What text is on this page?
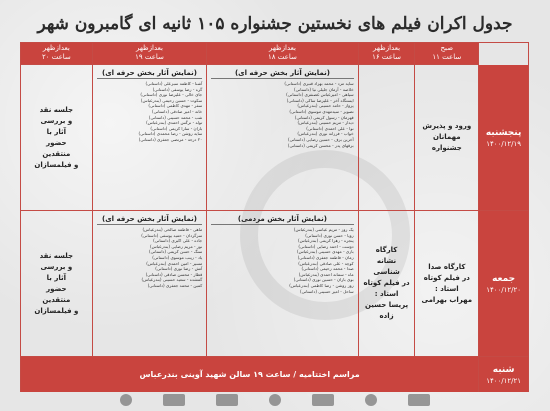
جدول اکران فیلم های نخستین جشنواره ۱۰۵ ثانیه ای گامبرون شهر
صبح
ساعت ۱۱
بعدازظهر
ساعت ۱۶
بعدازظهر
ساعت ۱۸
بعدازظهر
ساعت ۱۹
بعدازظهر
ساعت ۲۰
پنجشنبه
۱۴۰۰/۱۲/۱۹
ورود و پذیرش مهمانان جشنواره
(نمایش آثار بخش حرفه ای)
سایه مرد - محمد بهزاد قنبری (داستانی)
خلاصه - آرمان جلیلی نیا (داستانی)
سیاهی - امیرعباس غضنفری (داستانی)
ایستگاه آخر - علیرضا ساکی (داستانی)
پرواز - حامد حسینی (بندرعباس)
تصویر - سیدمهدی موسوی (داستانی)
قهرمان - رسول کریمی (داستانی)
دیدار - مریم حسینی (بندرعباس)
نوا - علی احمدی (داستانی)
خواب - فرزانه نوری (بندرعباس)
آخرین برف - حسین رضایی (داستانی)
برقهای پدر - محسن کریمی (داستانی)
(نمایش آثار بخش حرفه ای)
آشنا - کاظمه سبزعلی (داستانی)
گره - رضا یوسفی (داستانی)
جای خالی - علیرضا نوری (داستانی)
سکوت - حسین رحیمی (بندرعباس)
سفر - مهدی کاظمی (داستانی)
خانه - امیر صادقی (داستانی)
شب - محمد حسینی (داستانی)
تولد - نرگس احمدی (بندرعباس)
باران - سارا کریمی (داستانی)
سایه روشن - رضا محمدی (داستانی)
۲۰ درجه - مرتضی جعفری (داستانی)
جلسه نقد
و بررسی
آثار با
حضور
منتقدین
و فیلمسازان
جمعه
۱۴۰۰/۱۲/۲۰
کارگاه صدا
در فیلم کوتاه
استاد :
مهراب بهرامی
کارگاه
نشانه شناسی
در فیلم کوتاه
استاد :
پریسا حسین زاده
(نمایش آثار بخش مردمی)
یک روز - مریم عباسی (بندرعباس)
رویا - حسن نوری (داستانی)
پنجره - زهرا کریمی (بندرعباس)
دوست - احمد رضایی (داستانی)
بازی - مهدی حسینی (بندرعباس)
زمان - فاطمه جعفری (داستانی)
کوچه - علی صادقی (بندرعباس)
صدا - محمد رحیمی (داستانی)
ماه - سمانه احمدی (بندرعباس)
بوی باران - حسین نوری (داستانی)
روز روشن - رضا کاظمی (بندرعباس)
ساحل - امیر حسینی (داستانی)
(نمایش آثار بخش حرفه ای)
ماهی - فاطمه صالحی (بندرعباس)
سرگردان - حمید یوسفی (داستانی)
جاده - علی اکبری (داستانی)
نور - مریم رضایی (بندرعباس)
سنگ - حسن کریمی (داستانی)
یاد - زینب موسوی (داستانی)
مسیر - امین احمدی (بندرعباس)
آتش - رضا نوری (داستانی)
قطار - محسن صادقی (داستانی)
گمشده - سعید حسینی (بندرعباس)
کمین - محمد جعفری (داستانی)
جلسه نقد
و بررسی
آثار با
حضور
منتقدین
و فیلمسازان
شنبه
۱۴۰۰/۱۲/۲۱
مراسم اختتامیه / ساعت ۱۹ سالن شهید آوینی بندرعباس
